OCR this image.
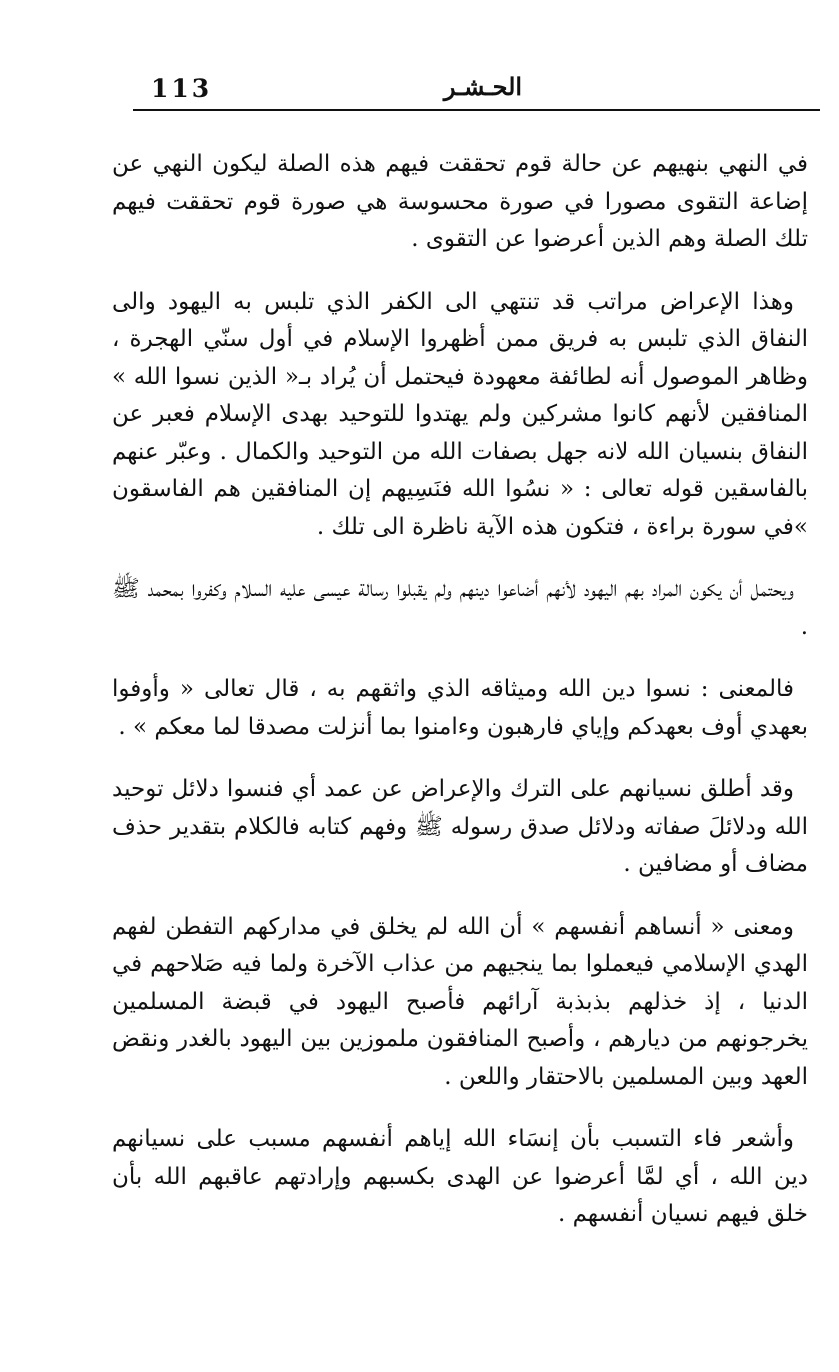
113	الحـشـر

في النهي بنهيهم عن حالة قوم تحققت فيهم هذه الصلة ليكون النهي عن إضاعة التقوى مصورا في صورة محسوسة هي صورة قوم تحققت فيهم تلك الصلة وهم الذين أعرضوا عن التقوى .

وهذا الإعراض مراتب قد تنتهي الى الكفر الذي تلبس به اليهود والى النفاق الذي تلبس به فريق ممن أظهروا الإسلام في أول سنّي الهجرة ، وظاهر الموصول أنه لطائفة معهودة فيحتمل أن يُراد بـ« الذين نسوا الله » المنافقين لأنهم كانوا مشركين ولم يهتدوا للتوحيد بهدى الإسلام فعبر عن النفاق بنسيان الله لانه جهل بصفات الله من التوحيد والكمال . وعبّر عنهم بالفاسقين قوله تعالى : « نسُوا الله فنَسِيهم إن المنافقين هم الفاسقون »في سورة براءة ، فتكون هذه الآية ناظرة الى تلك .

ويحتمل أن يكون المراد بهم اليهود لأنهم أضاعوا دينهم ولم يقبلوا رسالة عيسى عليه السلام وكفروا بمحمد ﷺ .

فالمعنى : نسوا دين الله وميثاقه الذي واثقهم به ، قال تعالى « وأوفوا بعهدي أوف بعهدكم وإياي فارهبون وءامنوا بما أنزلت مصدقا لما معكم » .

وقد أطلق نسيانهم على الترك والإعراض عن عمد أي فنسوا دلائل توحيد الله ودلائلَ صفاته ودلائل صدق رسوله ﷺ وفهم كتابه فالكلام بتقدير حذف مضاف أو مضافين .

ومعنى « أنساهم أنفسهم » أن الله لم يخلق في مداركهم التفطن لفهم الهدي الإسلامي فيعملوا بما ينجيهم من عذاب الآخرة ولما فيه صَلاحهم في الدنيا ، إذ خذلهم بذبذبة آرائهم فأصبح اليهود في قبضة المسلمين يخرجونهم من ديارهم ، وأصبح المنافقون ملموزين بين اليهود بالغدر ونقض العهد وبين المسلمين بالاحتقار واللعن .

وأشعر فاء التسبب بأن إنسَاء الله إياهم أنفسهم مسبب على نسيانهم دين الله ، أي لمَّا أعرضوا عن الهدى بكسبهم وإرادتهم عاقبهم الله بأن خلق فيهم نسيان أنفسهم .
